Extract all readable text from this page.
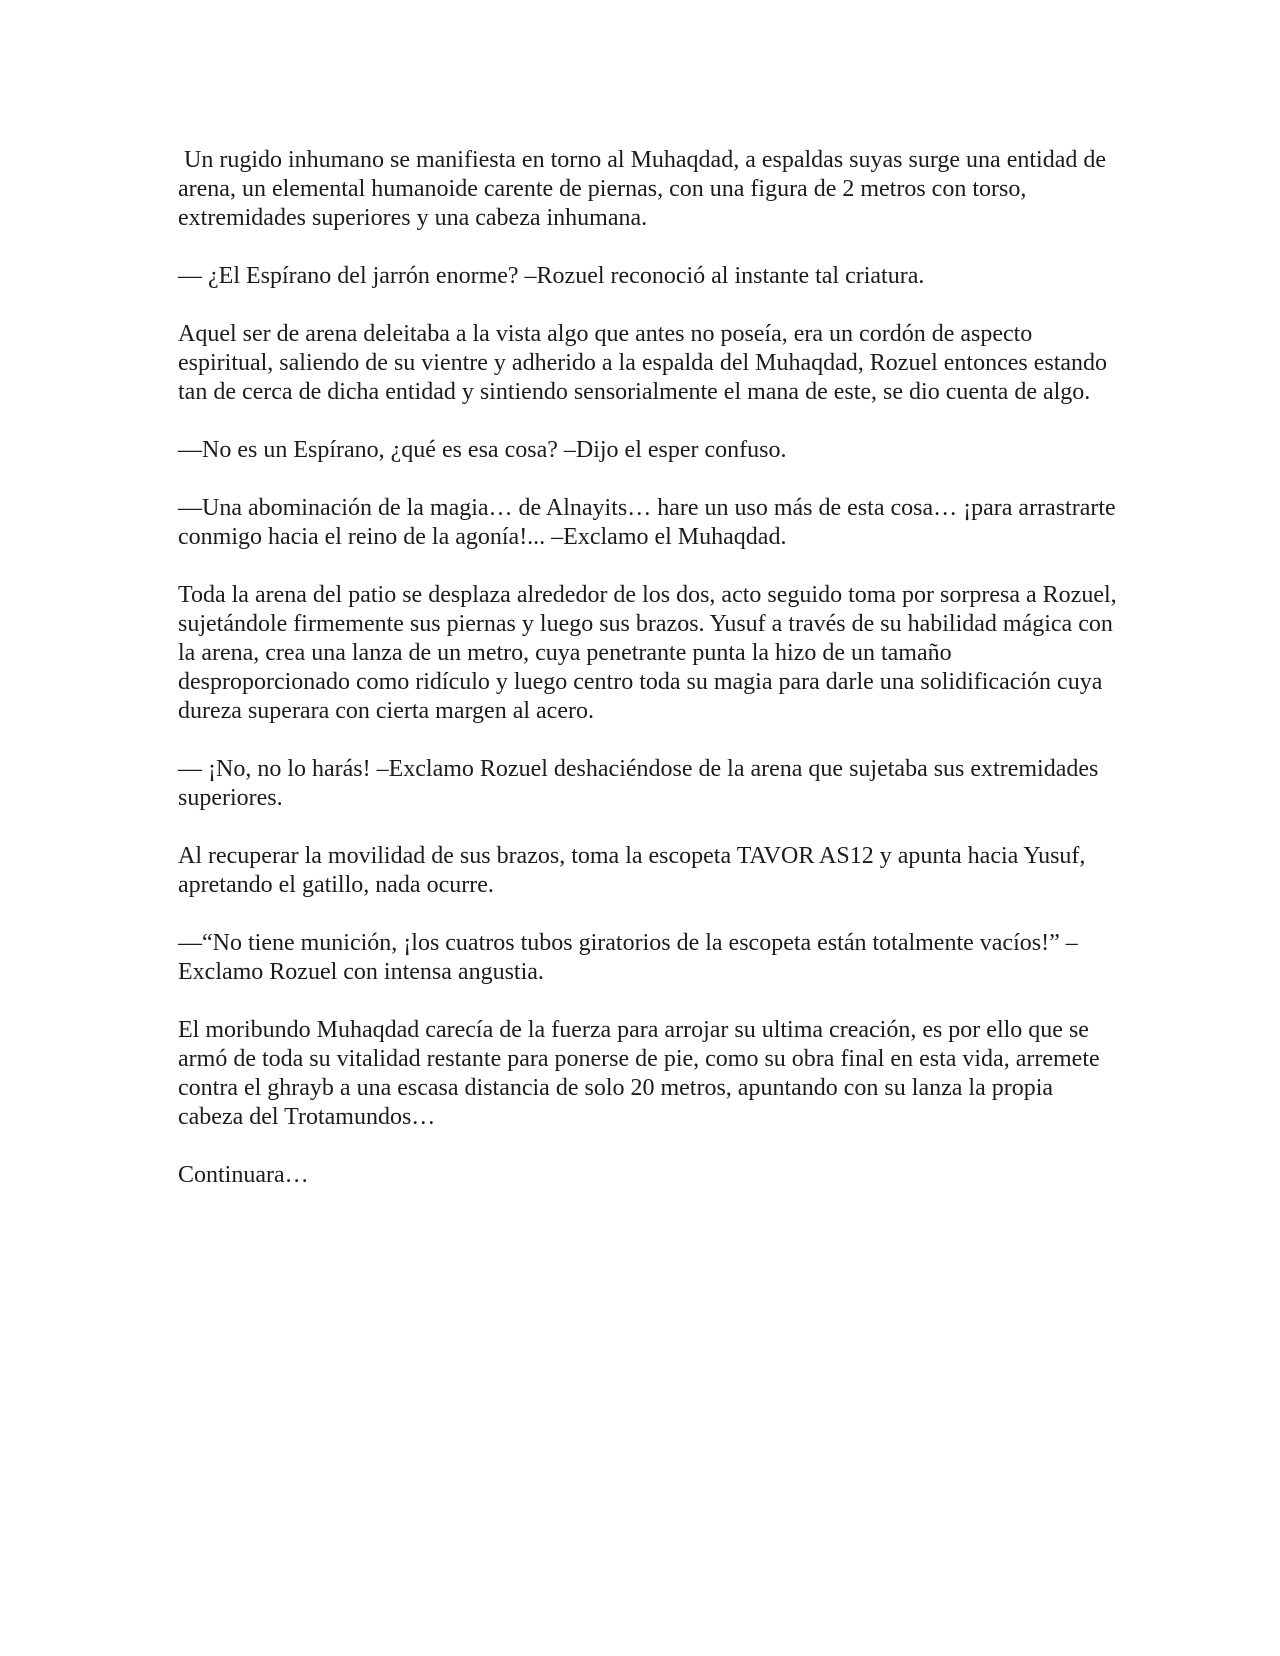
Un rugido inhumano se manifiesta en torno al Muhaqdad, a espaldas suyas surge una entidad de arena, un elemental humanoide carente de piernas, con una figura de 2 metros con torso, extremidades superiores y una cabeza inhumana.

— ¿El Espírano del jarrón enorme? –Rozuel reconoció al instante tal criatura.

Aquel ser de arena deleitaba a la vista algo que antes no poseía, era un cordón de aspecto espiritual, saliendo de su vientre y adherido a la espalda del Muhaqdad, Rozuel entonces estando tan de cerca de dicha entidad y sintiendo sensorialmente el mana de este, se dio cuenta de algo.

—No es un Espírano, ¿qué es esa cosa? –Dijo el esper confuso.

—Una abominación de la magia… de Alnayits… hare un uso más de esta cosa… ¡para arrastrarte conmigo hacia el reino de la agonía!... –Exclamo el Muhaqdad.

Toda la arena del patio se desplaza alrededor de los dos, acto seguido toma por sorpresa a Rozuel, sujetándole firmemente sus piernas y luego sus brazos. Yusuf a través de su habilidad mágica con la arena, crea una lanza de un metro, cuya penetrante punta la hizo de un tamaño desproporcionado como ridículo y luego centro toda su magia para darle una solidificación cuya dureza superara con cierta margen al acero.

— ¡No, no lo harás! –Exclamo Rozuel deshaciéndose de la arena que sujetaba sus extremidades superiores.

Al recuperar la movilidad de sus brazos, toma la escopeta TAVOR AS12 y apunta hacia Yusuf, apretando el gatillo, nada ocurre.

—“No tiene munición, ¡los cuatros tubos giratorios de la escopeta están totalmente vacíos!” –Exclamo Rozuel con intensa angustia.

El moribundo Muhaqdad carecía de la fuerza para arrojar su ultima creación, es por ello que se armó de toda su vitalidad restante para ponerse de pie, como su obra final en esta vida, arremete contra el ghrayb a una escasa distancia de solo 20 metros, apuntando con su lanza la propia cabeza del Trotamundos…

Continuara…
